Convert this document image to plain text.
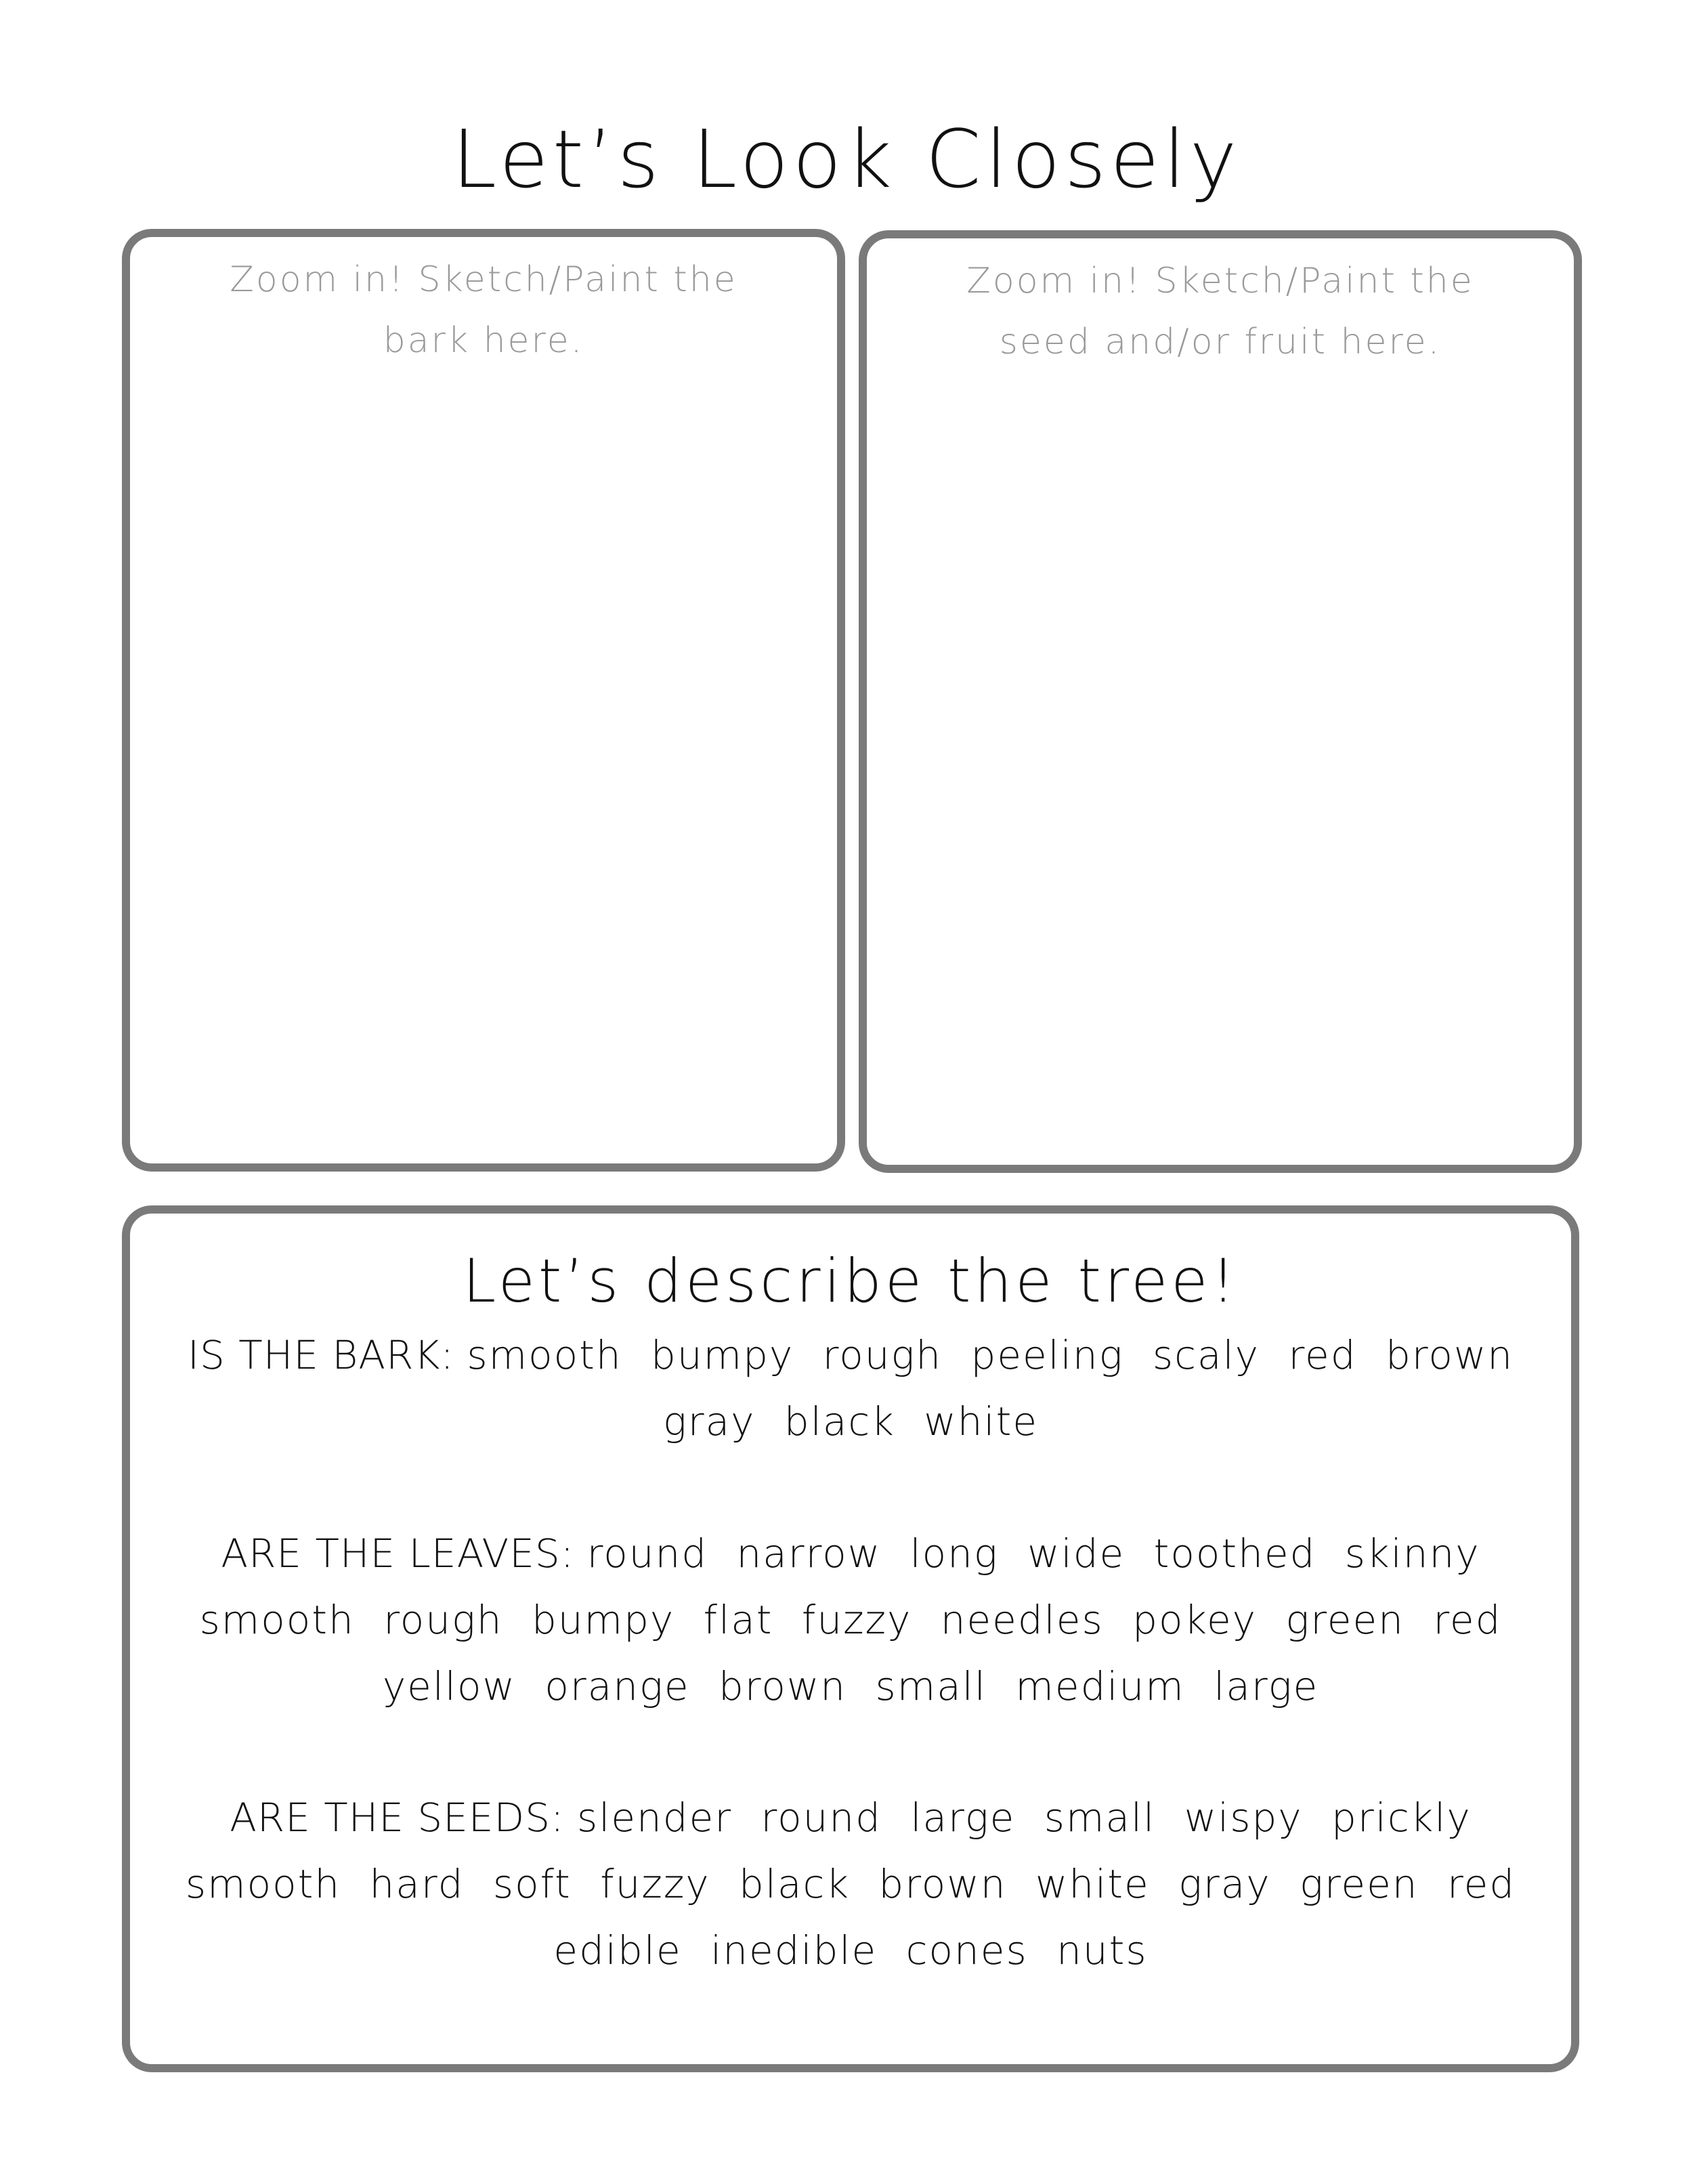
Let’s Look Closely
Zoom in! Sketch/Paint the bark here.
Zoom in! Sketch/Paint the seed and/or fruit here.
Let’s describe the tree!
IS THE BARK: smooth bumpy rough peeling scaly red brown gray black white
ARE THE LEAVES: round narrow long wide toothed skinny smooth rough bumpy flat fuzzy needles pokey green red yellow orange brown small medium large
ARE THE SEEDS: slender round large small wispy prickly smooth hard soft fuzzy black brown white gray green red edible inedible cones nuts
